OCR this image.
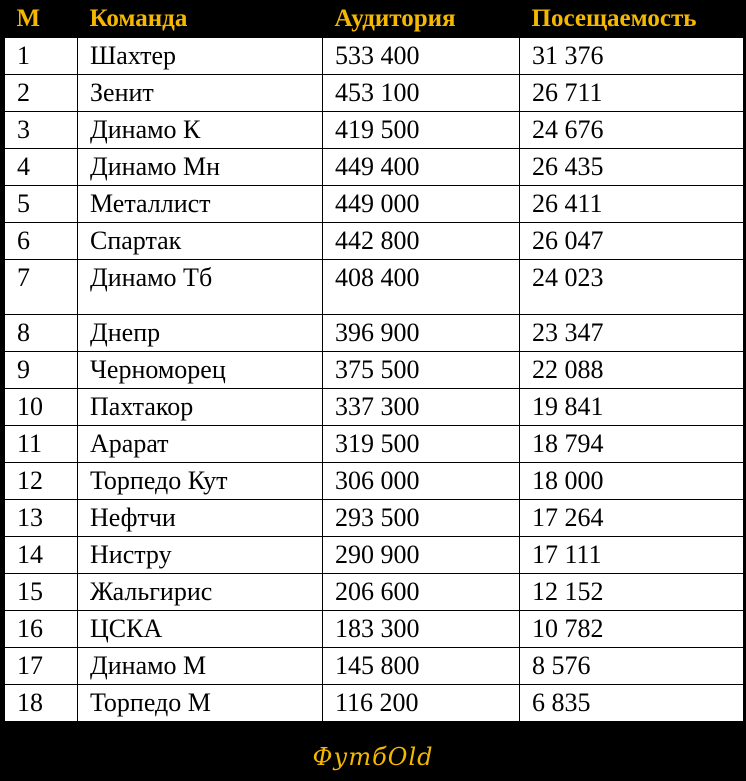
М	Команда	Аудитория	Посещаемость
1	Шахтер	533 400	31 376
2	Зенит	453 100	26 711
3	Динамо К	419 500	24 676
4	Динамо Мн	449 400	26 435
5	Металлист	449 000	26 411
6	Спартак	442 800	26 047
7	Динамо Тб	408 400	24 023
8	Днепр	396 900	23 347
9	Черноморец	375 500	22 088
10	Пахтакор	337 300	19 841
11	Арарат	319 500	18 794
12	Торпедо Кут	306 000	18 000
13	Нефтчи	293 500	17 264
14	Нистру	290 900	17 111
15	Жальгирис	206 600	12 152
16	ЦСКА	183 300	10 782
17	Динамо М	145 800	8 576
18	Торпедо М	116 200	6 835
ФутбOld
